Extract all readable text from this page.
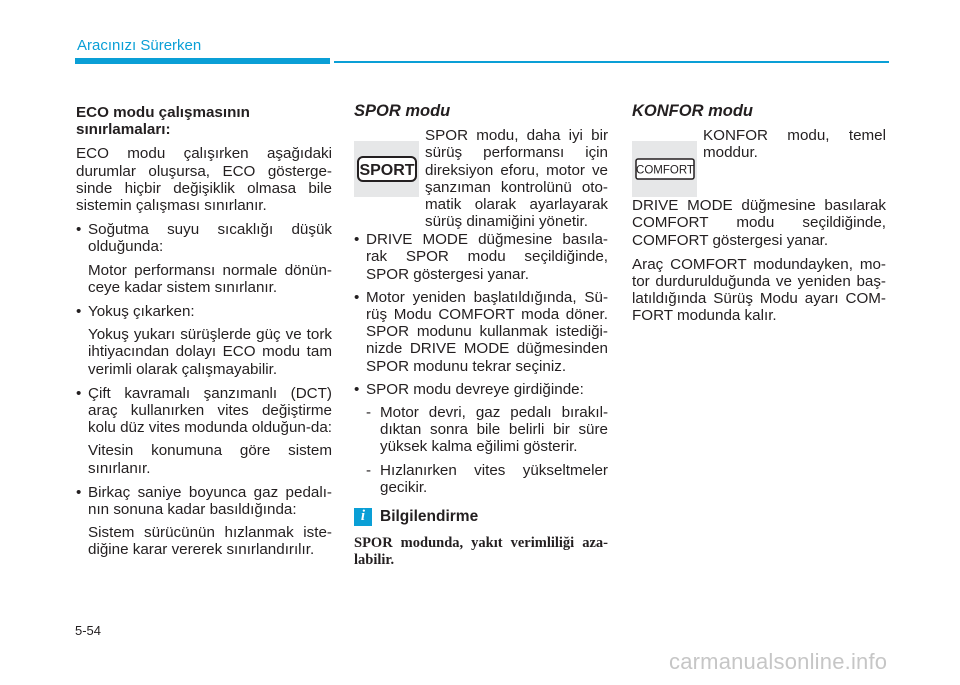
Aracınızı Sürerken
ECO modu çalışmasının sınırlamaları:
ECO modu çalışırken aşağıdaki durumlar oluşursa, ECO gösterge-sinde hiçbir değişiklik olmasa bile sistemin çalışması sınırlanır.
• Soğutma suyu sıcaklığı düşük olduğunda:
Motor performansı normale dönün-ceye kadar sistem sınırlanır.
• Yokuş çıkarken:
Yokuş yukarı sürüşlerde güç ve tork ihtiyacından dolayı ECO modu tam verimli olarak çalışmayabilir.
• Çift kavramalı şanzımanlı (DCT) araç kullanırken vites değiştirme kolu düz vites modunda olduğun-da:
Vitesin konumuna göre sistem sınırlanır.
• Birkaç saniye boyunca gaz pedalı-nın sonuna kadar basıldığında:
Sistem sürücünün hızlanmak iste-diğine karar vererek sınırlandırılır.
SPOR modu
SPORT
SPOR modu, daha iyi bir sürüş performansı için direksiyon eforu, motor ve şanzıman kontrolünü oto-matik olarak ayarlayarak sürüş dinamiğini yönetir.
• DRIVE MODE düğmesine basıla-rak SPOR modu seçildiğinde, SPOR göstergesi yanar.
• Motor yeniden başlatıldığında, Sü-rüş Modu COMFORT moda döner. SPOR modunu kullanmak istediği-nizde DRIVE MODE düğmesinden SPOR modunu tekrar seçiniz.
• SPOR modu devreye girdiğinde:
- Motor devri, gaz pedalı bırakıl-dıktan sonra bile belirli bir süre yüksek kalma eğilimi gösterir.
- Hızlanırken vites yükseltmeler gecikir.
i Bilgilendirme
SPOR modunda, yakıt verimliliği aza-labilir.
KONFOR modu
COMFORT
KONFOR modu, temel moddur.
DRIVE MODE düğmesine basılarak COMFORT modu seçildiğinde, COMFORT göstergesi yanar.
Araç COMFORT modundayken, mo-tor durdurulduğunda ve yeniden baş-latıldığında Sürüş Modu ayarı COM-FORT modunda kalır.
5-54
carmanualsonline.info
